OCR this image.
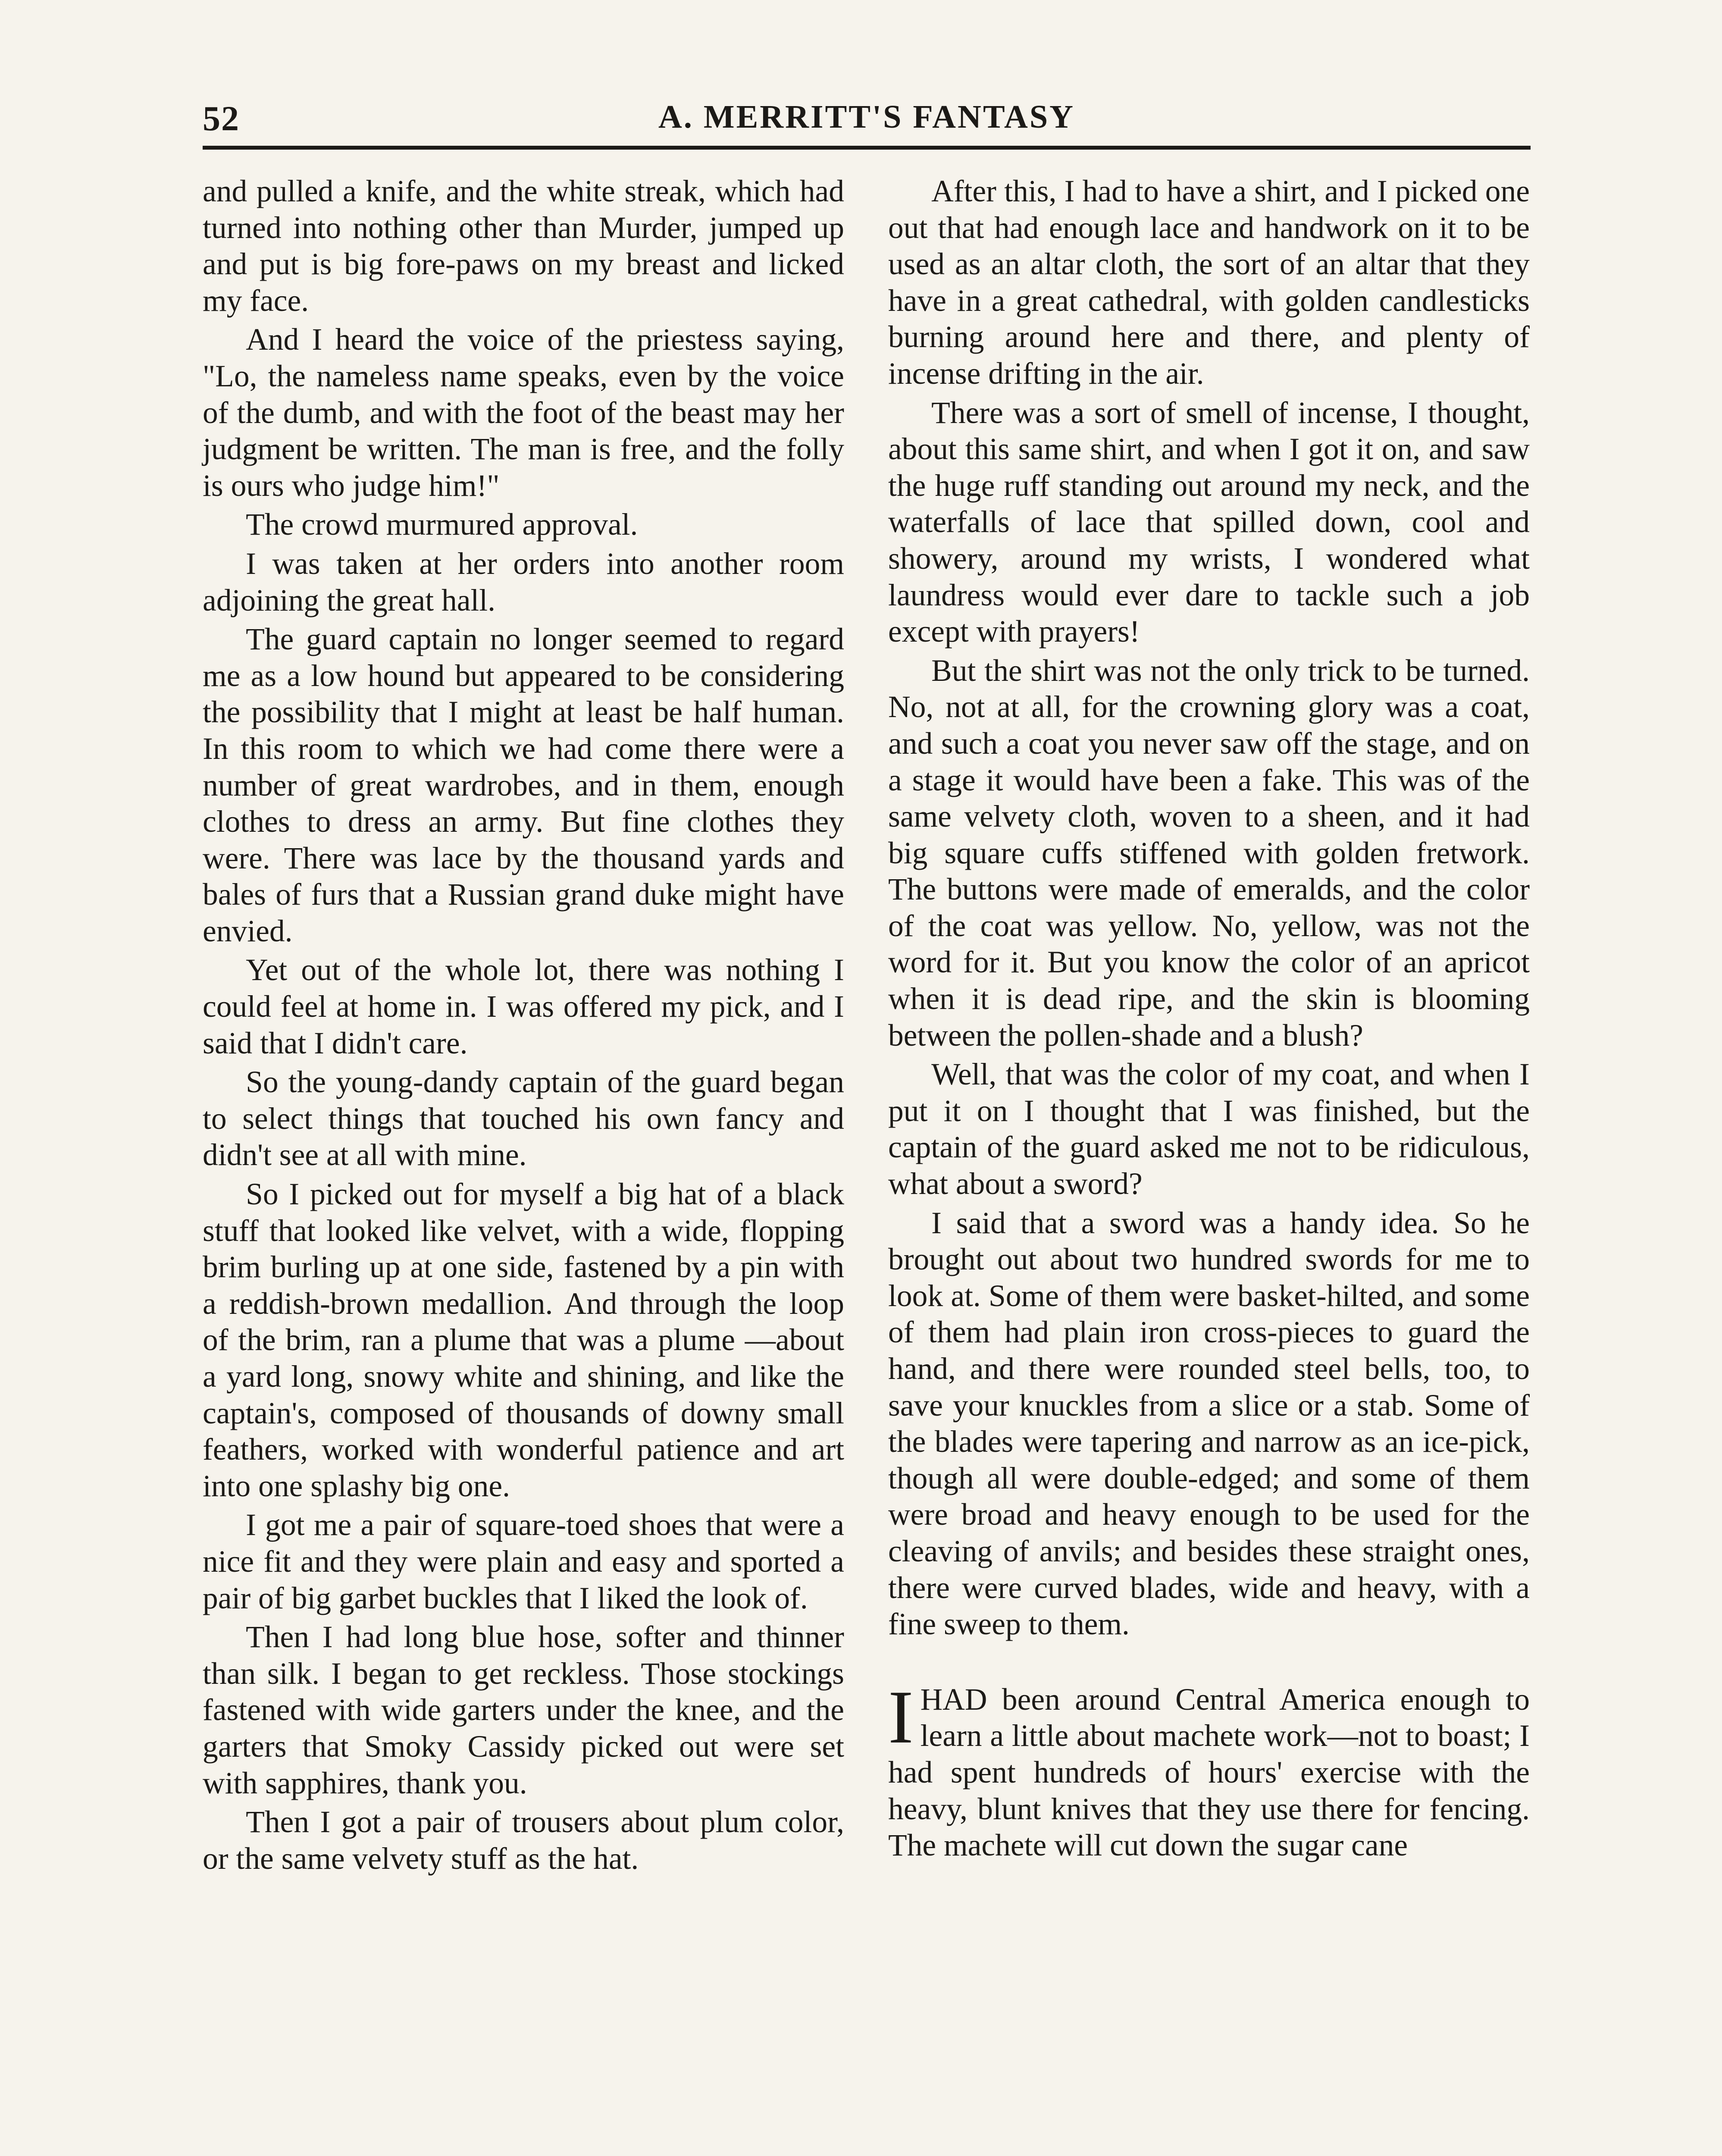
52	A. MERRITT'S FANTASY

and pulled a knife, and the white streak, which had turned into nothing other than Murder, jumped up and put is big fore-paws on my breast and licked my face.

And I heard the voice of the priestess saying, "Lo, the nameless name speaks, even by the voice of the dumb, and with the foot of the beast may her judgment be written. The man is free, and the folly is ours who judge him!"

The crowd murmured approval.

I was taken at her orders into another room adjoining the great hall.

The guard captain no longer seemed to regard me as a low hound but appeared to be considering the possibility that I might at least be half human. In this room to which we had come there were a number of great wardrobes, and in them, enough clothes to dress an army. But fine clothes they were. There was lace by the thousand yards and bales of furs that a Russian grand duke might have envied.

Yet out of the whole lot, there was nothing I could feel at home in. I was offered my pick, and I said that I didn't care.

So the young-dandy captain of the guard began to select things that touched his own fancy and didn't see at all with mine.

So I picked out for myself a big hat of a black stuff that looked like velvet, with a wide, flopping brim burling up at one side, fastened by a pin with a reddish-brown medallion. And through the loop of the brim, ran a plume that was a plume —about a yard long, snowy white and shining, and like the captain's, composed of thousands of downy small feathers, worked with wonderful patience and art into one splashy big one.

I got me a pair of square-toed shoes that were a nice fit and they were plain and easy and sported a pair of big garbet buckles that I liked the look of.

Then I had long blue hose, softer and thinner than silk. I began to get reckless. Those stockings fastened with wide garters under the knee, and the garters that Smoky Cassidy picked out were set with sapphires, thank you.

Then I got a pair of trousers about plum color, or the same velvety stuff as the hat.

After this, I had to have a shirt, and I picked one out that had enough lace and handwork on it to be used as an altar cloth, the sort of an altar that they have in a great cathedral, with golden candlesticks burning around here and there, and plenty of incense drifting in the air.

There was a sort of smell of incense, I thought, about this same shirt, and when I got it on, and saw the huge ruff standing out around my neck, and the waterfalls of lace that spilled down, cool and showery, around my wrists, I wondered what laundress would ever dare to tackle such a job except with prayers!

But the shirt was not the only trick to be turned. No, not at all, for the crowning glory was a coat, and such a coat you never saw off the stage, and on a stage it would have been a fake. This was of the same velvety cloth, woven to a sheen, and it had big square cuffs stiffened with golden fretwork. The buttons were made of emeralds, and the color of the coat was yellow. No, yellow, was not the word for it. But you know the color of an apricot when it is dead ripe, and the skin is blooming between the pollen-shade and a blush?

Well, that was the color of my coat, and when I put it on I thought that I was finished, but the captain of the guard asked me not to be ridiculous, what about a sword?

I said that a sword was a handy idea. So he brought out about two hundred swords for me to look at. Some of them were basket-hilted, and some of them had plain iron cross-pieces to guard the hand, and there were rounded steel bells, too, to save your knuckles from a slice or a stab. Some of the blades were tapering and narrow as an ice-pick, though all were double-edged; and some of them were broad and heavy enough to be used for the cleaving of anvils; and besides these straight ones, there were curved blades, wide and heavy, with a fine sweep to them.

IHAD been around Central America enough to learn a little about machete work—not to boast; I had spent hundreds of hours' exercise with the heavy, blunt knives that they use there for fencing. The machete will cut down the sugar cane
